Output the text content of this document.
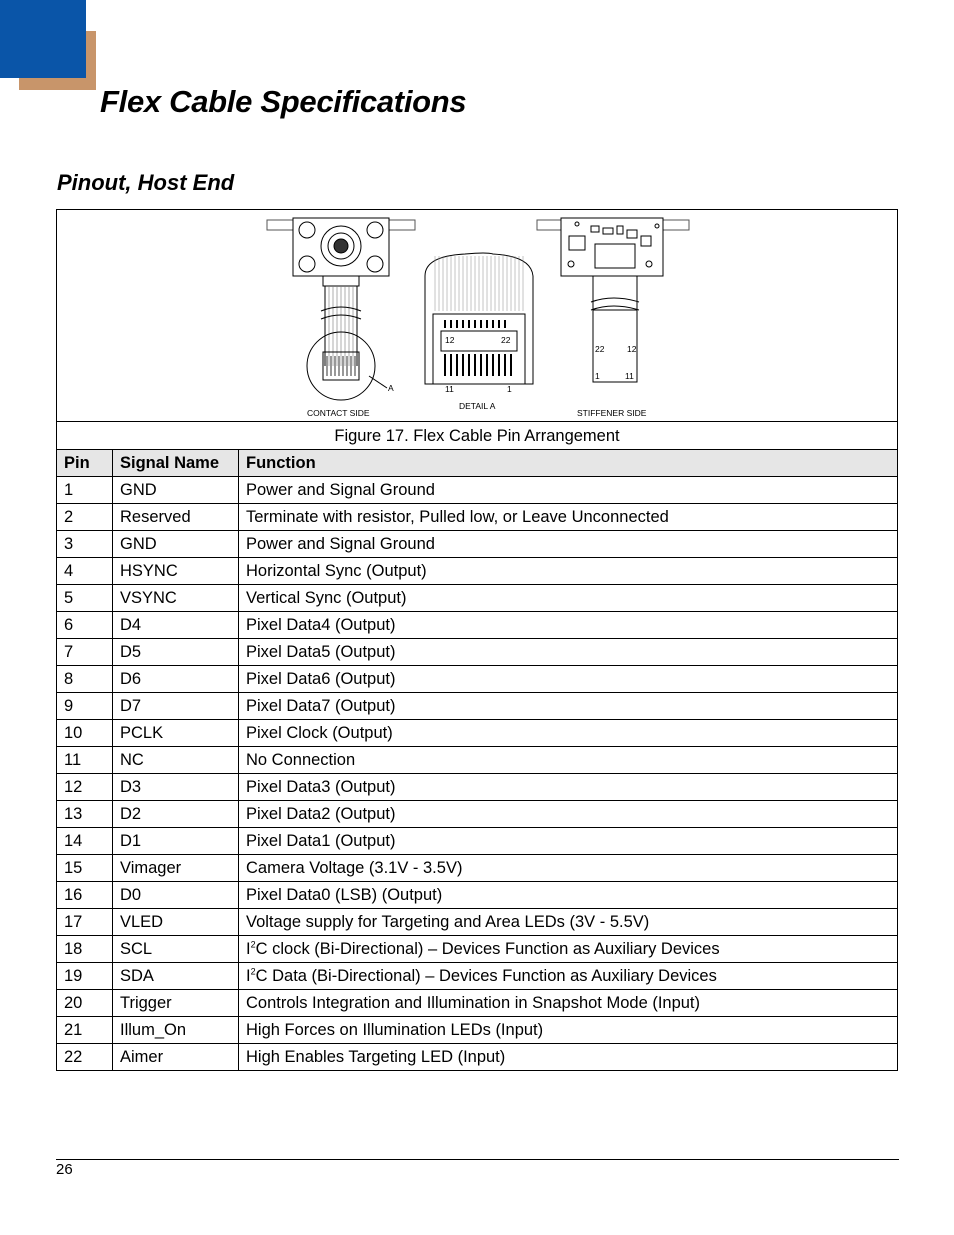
Flex Cable Specifications
Pinout, Host End
A
CONTACT SIDE
12	22
11	1
DETAIL A
22	12
1	11
STIFFENER SIDE
Figure 17. Flex Cable Pin Arrangement
Pin	Signal Name	Function
1	GND	Power and Signal Ground
2	Reserved	Terminate with resistor, Pulled low, or Leave Unconnected
3	GND	Power and Signal Ground
4	HSYNC	Horizontal Sync (Output)
5	VSYNC	Vertical Sync (Output)
6	D4	Pixel Data4 (Output)
7	D5	Pixel Data5 (Output)
8	D6	Pixel Data6 (Output)
9	D7	Pixel Data7 (Output)
10	PCLK	Pixel Clock (Output)
11	NC	No Connection
12	D3	Pixel Data3 (Output)
13	D2	Pixel Data2 (Output)
14	D1	Pixel Data1 (Output)
15	Vimager	Camera Voltage (3.1V - 3.5V)
16	D0	Pixel Data0 (LSB) (Output)
17	VLED	Voltage supply for Targeting and Area LEDs (3V - 5.5V)
18	SCL	$I^2C$ clock (Bi-Directional) – Devices Function as Auxiliary Devices
19	SDA	$I^2C$ Data (Bi-Directional) – Devices Function as Auxiliary Devices
20	Trigger	Controls Integration and Illumination in Snapshot Mode (Input)
21	Illum_On	High Forces on Illumination LEDs (Input)
22	Aimer	High Enables Targeting LED (Input)
26
